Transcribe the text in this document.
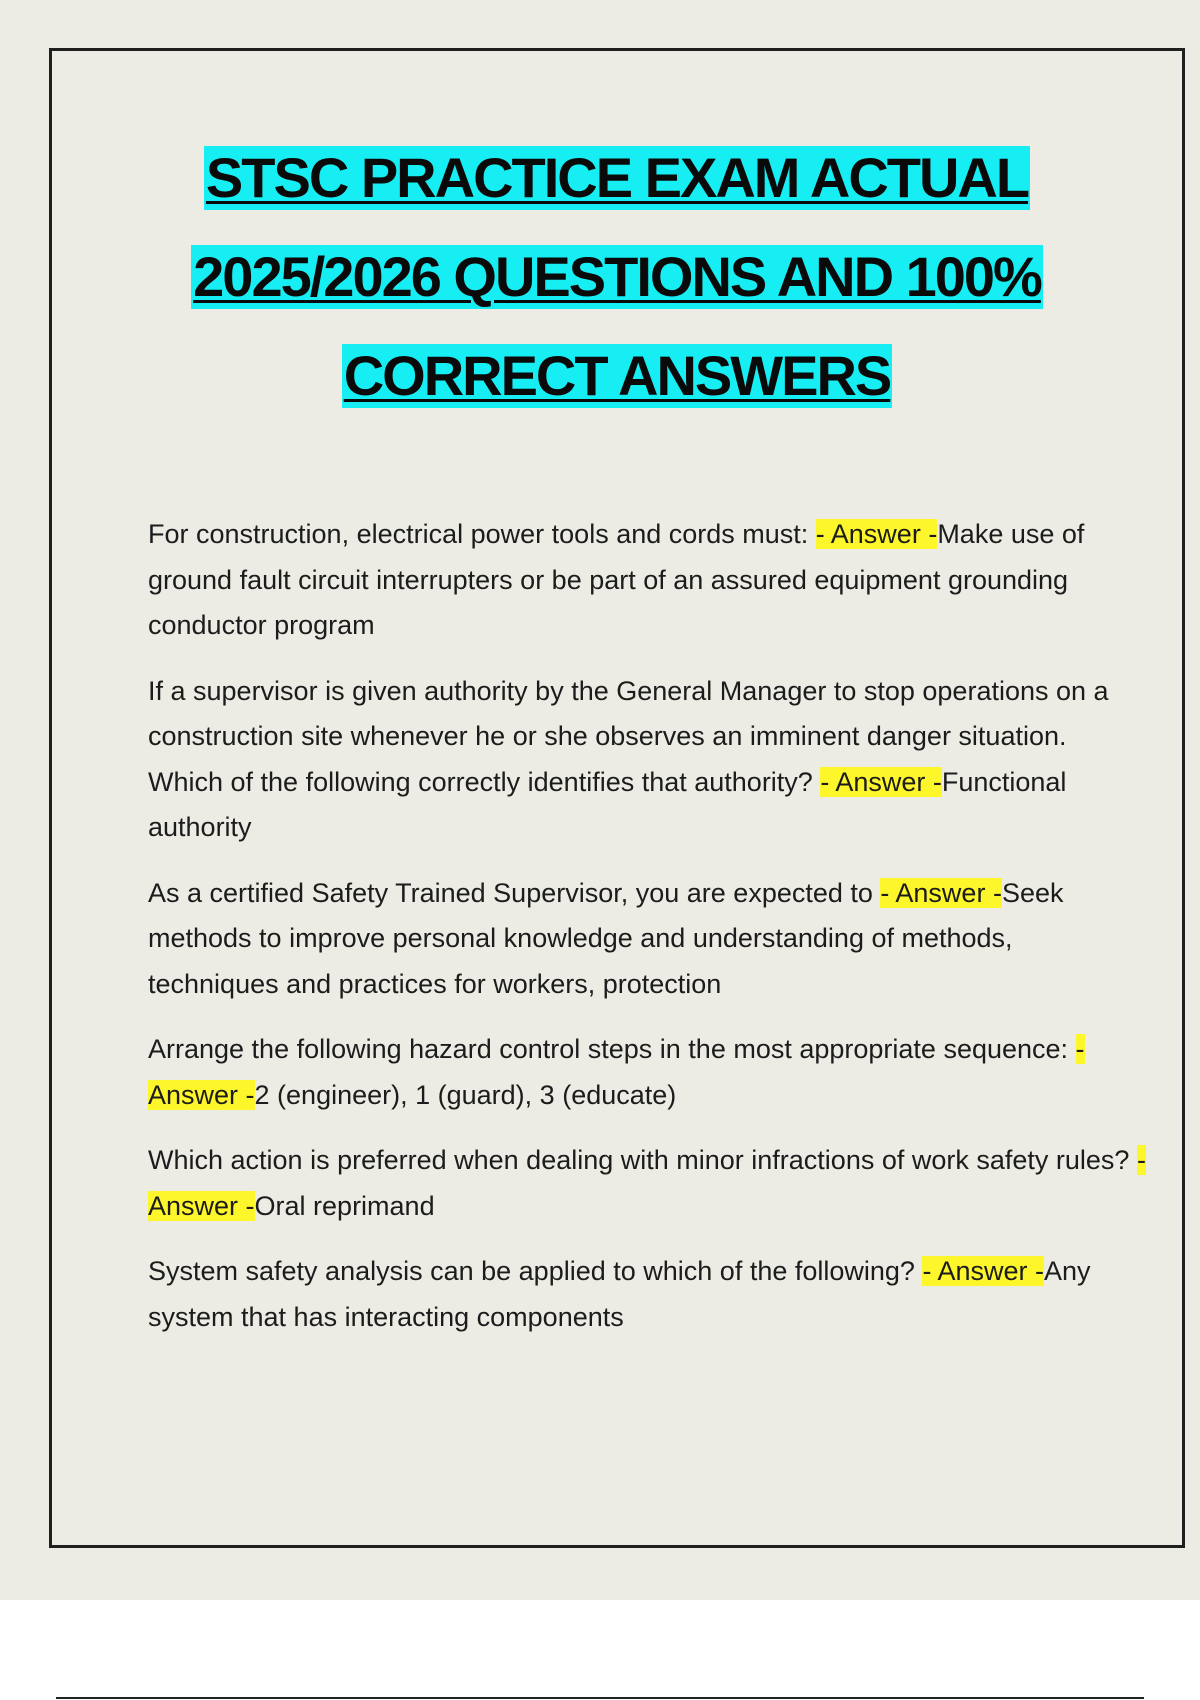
STSC PRACTICE EXAM ACTUAL
2025/2026 QUESTIONS AND 100%
CORRECT ANSWERS

For construction, electrical power tools and cords must: - Answer -Make use of ground fault circuit interrupters or be part of an assured equipment grounding conductor program

If a supervisor is given authority by the General Manager to stop operations on a construction site whenever he or she observes an imminent danger situation. Which of the following correctly identifies that authority? - Answer -Functional authority

As a certified Safety Trained Supervisor, you are expected to - Answer -Seek methods to improve personal knowledge and understanding of methods, techniques and practices for workers, protection

Arrange the following hazard control steps in the most appropriate sequence: - Answer -2 (engineer), 1 (guard), 3 (educate)

Which action is preferred when dealing with minor infractions of work safety rules? - Answer -Oral reprimand

System safety analysis can be applied to which of the following? - Answer -Any system that has interacting components
